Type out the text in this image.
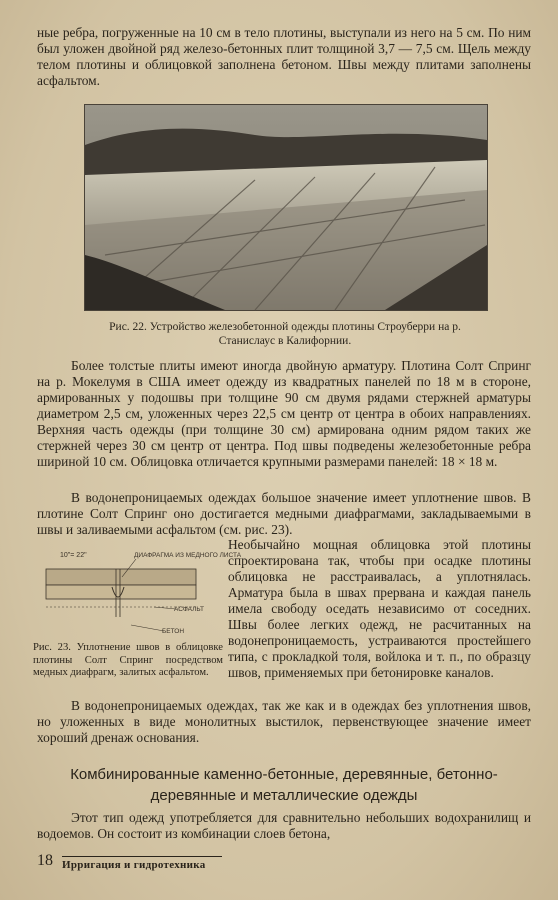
ные ребра, погруженные на 10 см в тело плотины, выступали из него на 5 см. По ним был уложен двойной ряд железо-бетонных плит толщиной 3,7 — 7,5 см. Щель между телом плотины и облицовкой заполнена бетоном. Швы между плитами заполнены асфальтом.

Рис. 22. Устройство железобетонной одежды плотины Строуберри на р. Станислаус в Калифорнии.

Более толстые плиты имеют иногда двойную арматуру. Плотина Солт Спринг на р. Мокелумя в США имеет одежду из квадратных панелей по 18 м в стороне, армированных у подошвы при толщине 90 см двумя рядами стержней арматуры диаметром 2,5 см, уложенных через 22,5 см центр от центра в обоих направлениях. Верхняя часть одежды (при толщине 30 см) армирована одним рядом таких же стержней через 30 см центр от центра. Под швы подведены железобетонные ребра шириной 10 см. Облицовка отличается крупными размерами панелей: 18 × 18 м.

В водонепроницаемых одеждах большое значение имеет уплотнение швов. В плотине Солт Спринг оно достигается медными диафрагмами, закладываемыми в швы и заливаемыми асфальтом (см. рис. 23).

10"= 22"	ДИАФРАГМА ИЗ МЕДНОГО ЛИСТА
АСФАЛЬТ
БЕТОН

Рис. 23. Уплотнение швов в облицовке плотины Солт Спринг посредством медных диафрагм, залитых асфальтом.

Необычайно мощная облицовка этой плотины спроектирована так, чтобы при осадке плотины облицовка не расстраивалась, а уплотнялась. Арматура была в швах прервана и каждая панель имела свободу оседать независимо от соседних. Швы более легких одежд, не расчитанных на водонепроницаемость, устраиваются простейшего типа, с прокладкой толя, войлока и т. п., по образцу швов, применяемых при бетонировке каналов.

В водонепроницаемых одеждах, так же как и в одеждах без уплотнения швов, но уложенных в виде монолитных выстилок, первенствующее значение имеет хороший дренаж основания.

Комбинированные каменно-бетонные, деревянные, бетонно-деревянные и металлические одежды

Этот тип одежд употребляется для сравнительно небольших водохранилищ и водоемов. Он состоит из комбинации слоев бетона,

18 Ирригация и гидротехника
